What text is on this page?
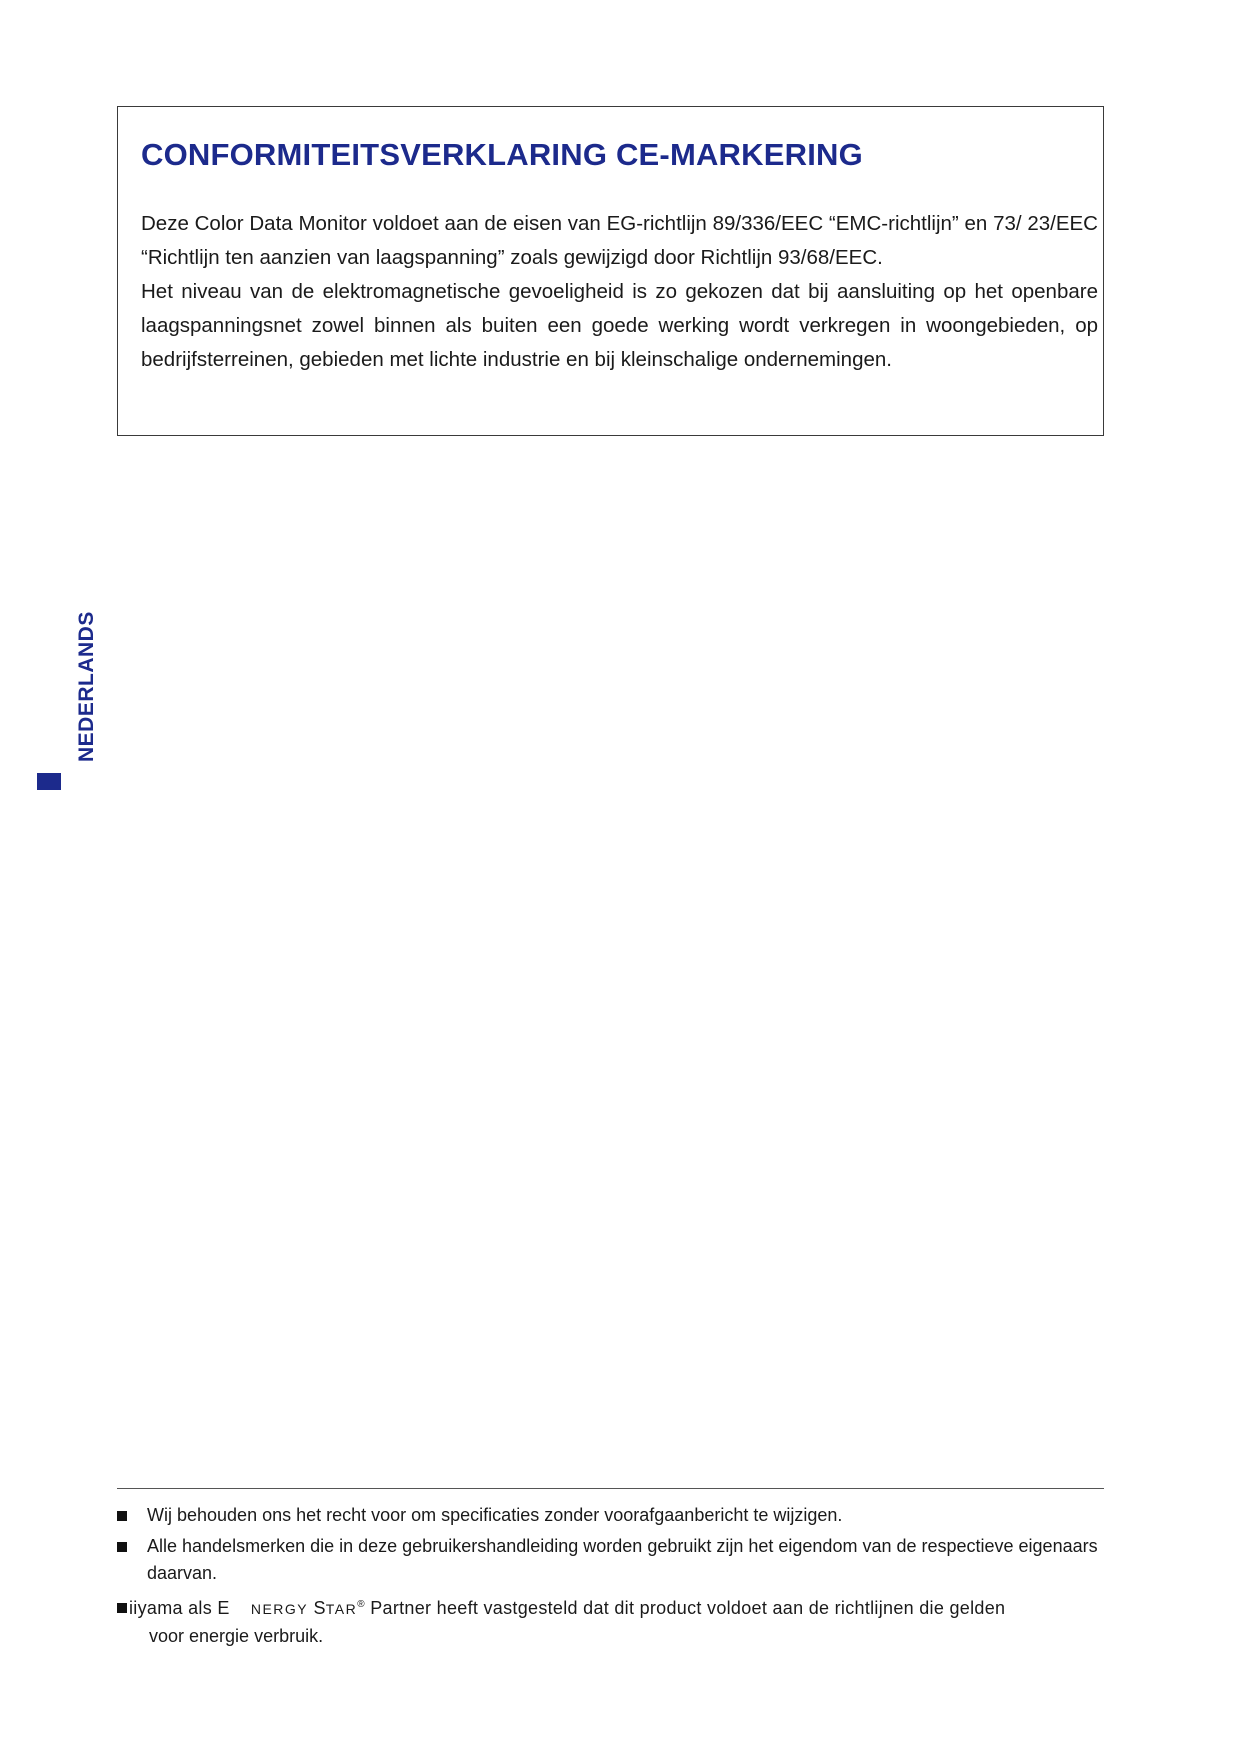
CONFORMITEITSVERKLARING CE-MARKERING

Deze Color Data Monitor voldoet aan de eisen van EG-richtlijn 89/336/EEC “EMC-richtlijn” en 73/ 23/EEC “Richtlijn ten aanzien van laagspanning” zoals gewijzigd door Richtlijn 93/68/EEC.

Het niveau van de elektromagnetische gevoeligheid is zo gekozen dat bij aansluiting op het openbare laagspanningsnet zowel binnen als buiten een goede werking wordt verkregen in woongebieden, op bedrijfsterreinen, gebieden met lichte industrie en bij kleinschalige ondernemingen.

NEDERLANDS
Wij behouden ons het recht voor om specificaties zonder voorafgaanbericht te wijzigen.
Alle handelsmerken die in deze gebruikershandleiding worden gebruikt zijn het eigendom van de respectieve eigenaars daarvan.
iiyama als E NERGY STAR® Partner heeft vastgesteld dat dit product voldoet aan de richtlijnen die gelden
voor energie verbruik.
